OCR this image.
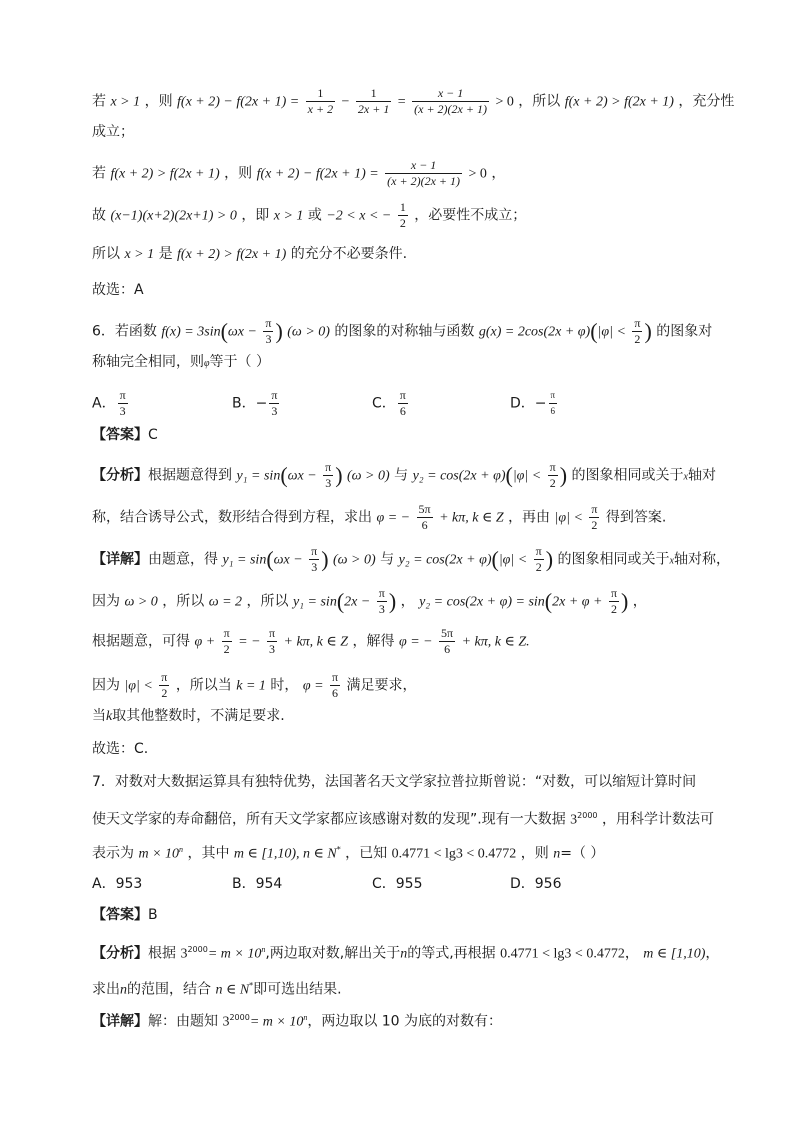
若 x > 1 ，则 $f(x + 2) - f(2x + 1) = \frac{1}{x + 2} - \frac{1}{2x + 1} = \frac{x - 1}{(x + 2)(2x + 1)} > 0$ ，所以 f(x + 2) > f(2x + 1) ，充分性
成立；
若 f(x + 2) > f(2x + 1) ，则 $f(x + 2) - f(2x + 1) = \frac{x - 1}{(x + 2)(2x + 1)} > 0$ ，
故 (x−1)(x+2)(2x+1) > 0 ，即 x > 1 或 −2 < x < − $\frac{1}{2}$ ，必要性不成立；
所以 x > 1 是 f(x + 2) > f(2x + 1) 的充分不必要条件.
故选：A
6．若函数 $f(x) = 3\sin(\omega x - \frac{\pi}{3}$ ) (ω > 0) 的图象的对称轴与函数 $g(x) = 2\cos(2x + \varphi)(|\varphi| < \frac{\pi}{2}$ ) 的图象对
称轴完全相同，则φ等于（ ）
A． $\frac{\pi}{3}$	B．− $\frac{\pi}{3}$	C． $\frac{\pi}{6}$	D．− $\frac{\pi}{6}$
【答案】C
【分析】根据题意得到 $y_1 = \sin(\omega x - \frac{\pi}{3}$ ) (ω > 0) 与 $y_2 = \cos(2x + \varphi)(|\varphi| < \frac{\pi}{2}$ ) 的图象相同或关于x轴对
称，结合诱导公式，数形结合得到方程，求出 φ = − $\frac{5\pi}{6} + k\pi$, k ∈ Z ，再由 $|\varphi| < \frac{\pi}{2}$ 得到答案.
【详解】由题意，得 $y_1 = \sin(\omega x - \frac{\pi}{3}$ ) (ω > 0) 与 $y_2 = \cos(2x + \varphi)(|\varphi| < \frac{\pi}{2}$ ) 的图象相同或关于x轴对称，
因为 ω > 0 ，所以 ω = 2 ，所以 $y_1 = \sin(2x - \frac{\pi}{3}$ ) ， $y_2 = \cos(2x + \varphi) = \sin(2x + \varphi + \frac{\pi}{2}$ ) ，
根据题意，可得 $\varphi + \frac{\pi}{2}$ = − $\frac{\pi}{3} + k\pi$, k ∈ Z ，解得 φ = − $\frac{5\pi}{6} + k\pi$, k ∈ Z.
因为 $|\varphi| < \frac{\pi}{2}$ ，所以当 k = 1 时， $\varphi = \frac{\pi}{6}$ 满足要求，
当k取其他整数时，不满足要求.
故选：C.
7．对数对大数据运算具有独特优势，法国著名天文学家拉普拉斯曾说：“对数，可以缩短计算时间
使天文学家的寿命翻倍，所有天文学家都应该感谢对数的发现”.现有一大数据 $3^{2000}$ ，用科学计数法可
表示为 $m \times 10^n$ ，其中 m ∈ [1,10), n ∈ N* ，已知 0.4771 < lg3 < 0.4772 ，则 n=（ ）
A．953	B．954	C．955	D．956
【答案】B
【分析】根据 $3^{2000}= m \times 10^n$,两边取对数,解出关于n的等式,再根据 0.4771 < lg3 < 0.4772， m ∈ [1,10)，
求出n的范围，结合 n ∈ N*即可选出结果.
【详解】解：由题知 $3^{2000}= m \times 10^n$，两边取以 10 为底的对数有：
